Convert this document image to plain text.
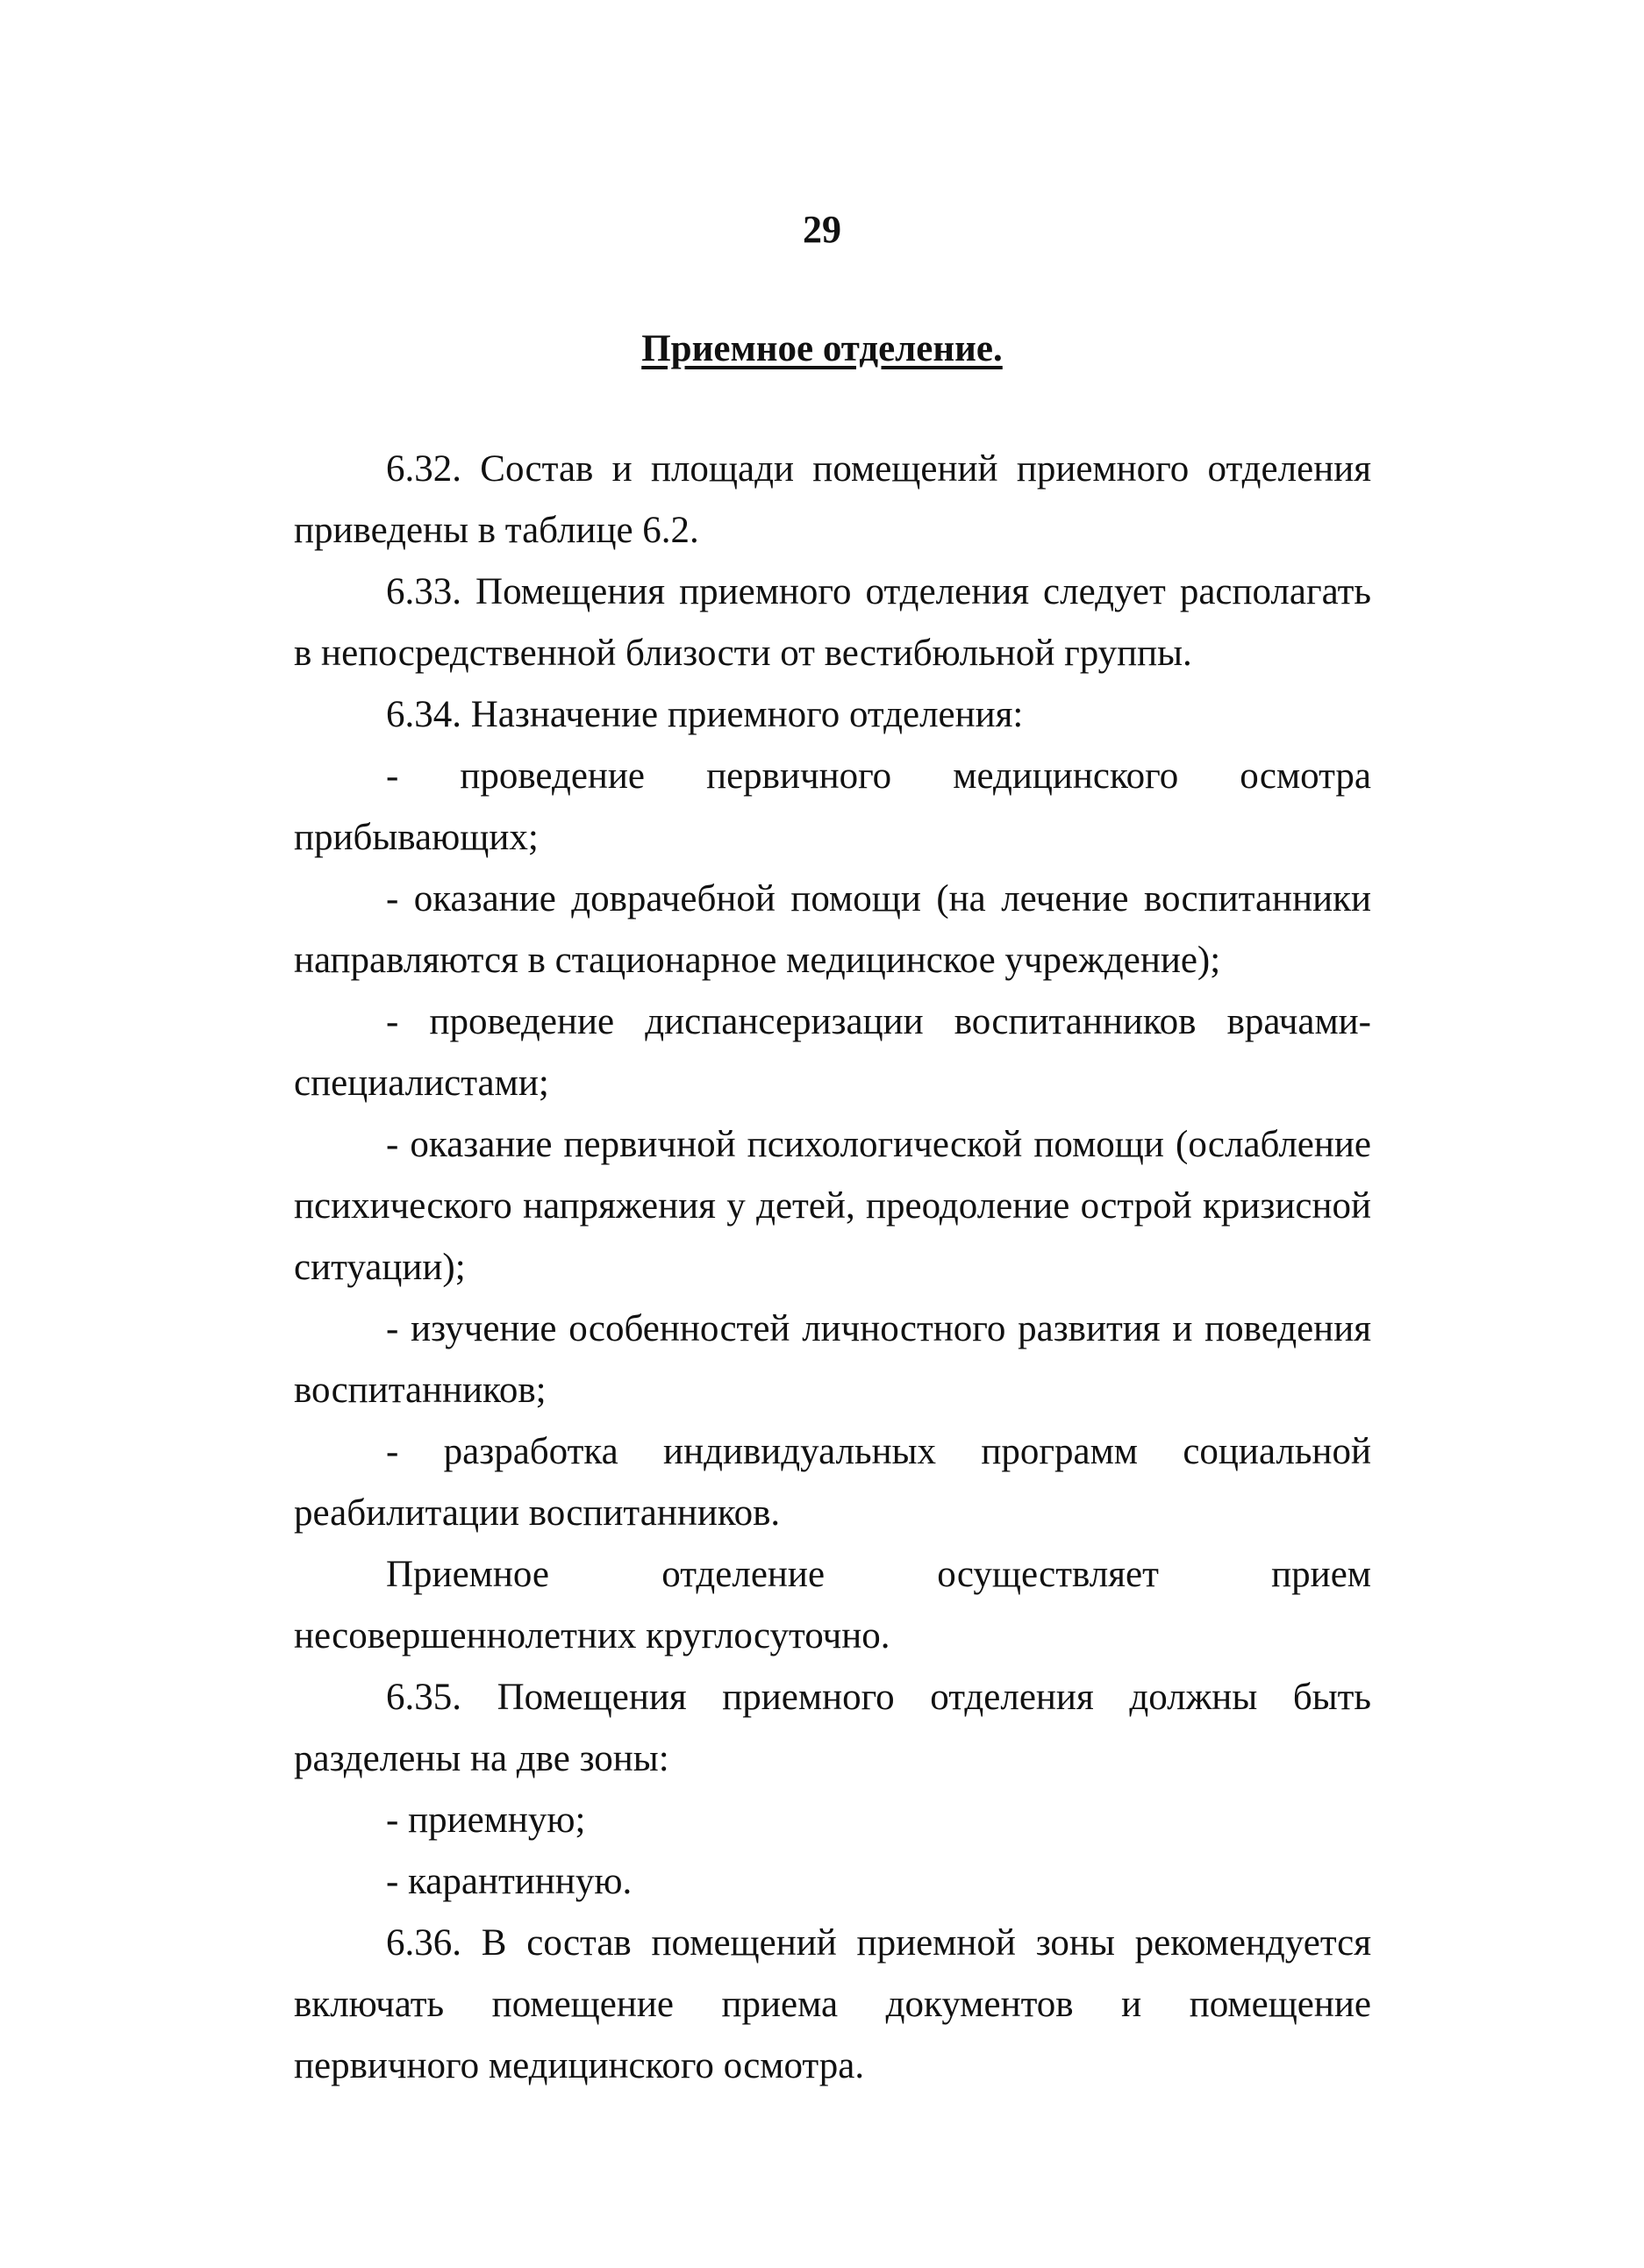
29
Приемное отделение.

6.32. Состав и площади помещений приемного отделения приведены в таблице 6.2.

6.33. Помещения приемного отделения следует располагать в непосредственной близости от вестибюльной группы.

6.34. Назначение приемного отделения:

- проведение первичного медицинского осмотра прибывающих;

- оказание доврачебной помощи (на лечение воспитанники направляются в стационарное медицинское учреждение);

- проведение диспансеризации воспитанников врачами-специалистами;

- оказание первичной психологической помощи (ослабление психического напряжения у детей, преодоление острой кризисной ситуации);

- изучение особенностей личностного развития и поведения воспитанников;

- разработка индивидуальных программ социальной реабилитации воспитанников.

Приемное отделение осуществляет прием несовершеннолетних круглосуточно.

6.35. Помещения приемного отделения должны быть разделены на две зоны:

- приемную;

- карантинную.

6.36. В состав помещений приемной зоны рекомендуется включать помещение приема документов и помещение первичного медицинского осмотра.
